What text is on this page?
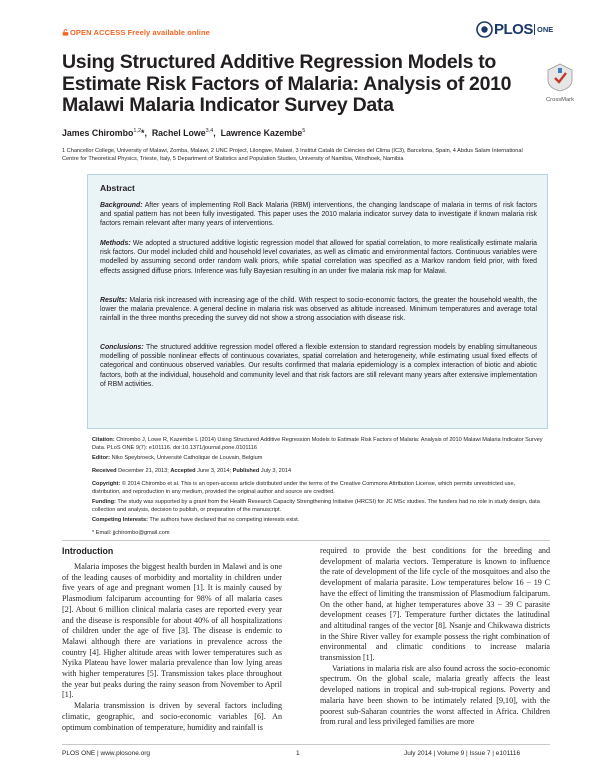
OPEN ACCESS Freely available online	PLOS ONE
Using Structured Additive Regression Models to Estimate Risk Factors of Malaria: Analysis of 2010 Malawi Malaria Indicator Survey Data	CrossMark
James Chirombo$^{1,2}$*,  Rachel Lowe$^{3,4}$,  Lawrence Kazembe$^5$
1 Chancellor College, University of Malawi, Zomba, Malawi, 2 UNC Project, Lilongwe, Malawi, 3 Institut Català de Ciències del Clima (IC3), Barcelona, Spain, 4 Abdus Salam International Centre for Theoretical Physics, Trieste, Italy, 5 Department of Statistics and Population Studies, University of Namibia, Windhoek, Namibia
Abstract
Background: After years of implementing Roll Back Malaria (RBM) interventions, the changing landscape of malaria in terms of risk factors and spatial pattern has not been fully investigated. This paper uses the 2010 malaria indicator survey data to investigate if known malaria risk factors remain relevant after many years of interventions.
Methods: We adopted a structured additive logistic regression model that allowed for spatial correlation, to more realistically estimate malaria risk factors. Our model included child and household level covariates, as well as climatic and environmental factors. Continuous variables were modelled by assuming second order random walk priors, while spatial correlation was specified as a Markov random field prior, with fixed effects assigned diffuse priors. Inference was fully Bayesian resulting in an under five malaria risk map for Malawi.
Results: Malaria risk increased with increasing age of the child. With respect to socio-economic factors, the greater the household wealth, the lower the malaria prevalence. A general decline in malaria risk was observed as altitude increased. Minimum temperatures and average total rainfall in the three months preceding the survey did not show a strong association with disease risk.
Conclusions: The structured additive regression model offered a flexible extension to standard regression models by enabling simultaneous modelling of possible nonlinear effects of continuous covariates, spatial correlation and heterogeneity, while estimating usual fixed effects of categorical and continuous observed variables. Our results confirmed that malaria epidemiology is a complex interaction of biotic and abiotic factors, both at the individual, household and community level and that risk factors are still relevant many years after extensive implementation of RBM activities.
Citation: Chirombo J, Lowe R, Kazembe L (2014) Using Structured Additive Regression Models to Estimate Risk Factors of Malaria: Analysis of 2010 Malawi Malaria Indicator Survey Data. PLoS ONE 9(7): e101116. doi:10.1371/journal.pone.0101116
Editor: Niko Speybroeck, Université Catholique de Louvain, Belgium
Received December 21, 2013; Accepted June 3, 2014; Published July 3, 2014
Copyright: © 2014 Chirombo et al. This is an open-access article distributed under the terms of the Creative Commons Attribution License, which permits unrestricted use, distribution, and reproduction in any medium, provided the original author and source are credited.
Funding: The study was supported by a grant from the Health Research Capacity Strengthening Initiative (HRCSI) for JC MSc studies. The funders had no role in study design, data collection and analysis, decision to publish, or preparation of the manuscript.
Competing Interests: The authors have declared that no competing interests exist.
* Email: jjchirombo@gmail.com
Introduction
Malaria imposes the biggest health burden in Malawi and is one of the leading causes of morbidity and mortality in children under five years of age and pregnant women [1]. It is mainly caused by Plasmodium falciparum accounting for 98% of all malaria cases [2]. About 6 million clinical malaria cases are reported every year and the disease is responsible for about 40% of all hospitalizations of children under the age of five [3]. The disease is endemic to Malawi although there are variations in prevalence across the country [4]. Higher altitude areas with lower temperatures such as Nyika Plateau have lower malaria prevalence than low lying areas with higher temperatures [5]. Transmission takes place throughout the year but peaks during the rainy season from November to April [1].
Malaria transmission is driven by several factors including climatic, geographic, and socio-economic variables [6]. An optimum combination of temperature, humidity and rainfall is
required to provide the best conditions for the breeding and development of malaria vectors. Temperature is known to influence the rate of development of the life cycle of the mosquitoes and also the development of malaria parasite. Low temperatures below 16 − 19 C have the effect of limiting the transmission of Plasmodium falciparum. On the other hand, at higher temperatures above 33 − 39 C parasite development ceases [7]. Temperature further dictates the latitudinal and altitudinal ranges of the vector [8]. Nsanje and Chikwawa districts in the Shire River valley for example possess the right combination of environmental and climatic conditions to increase malaria transmission [1].
Variations in malaria risk are also found across the socio-economic spectrum. On the global scale, malaria greatly affects the least developed nations in tropical and sub-tropical regions. Poverty and malaria have been shown to be intimately related [9,10], with the poorest sub-Saharan countries the worst affected in Africa. Children from rural and less privileged families are more
PLOS ONE | www.plosone.org	1	July 2014 | Volume 9 | Issue 7 | e101116
